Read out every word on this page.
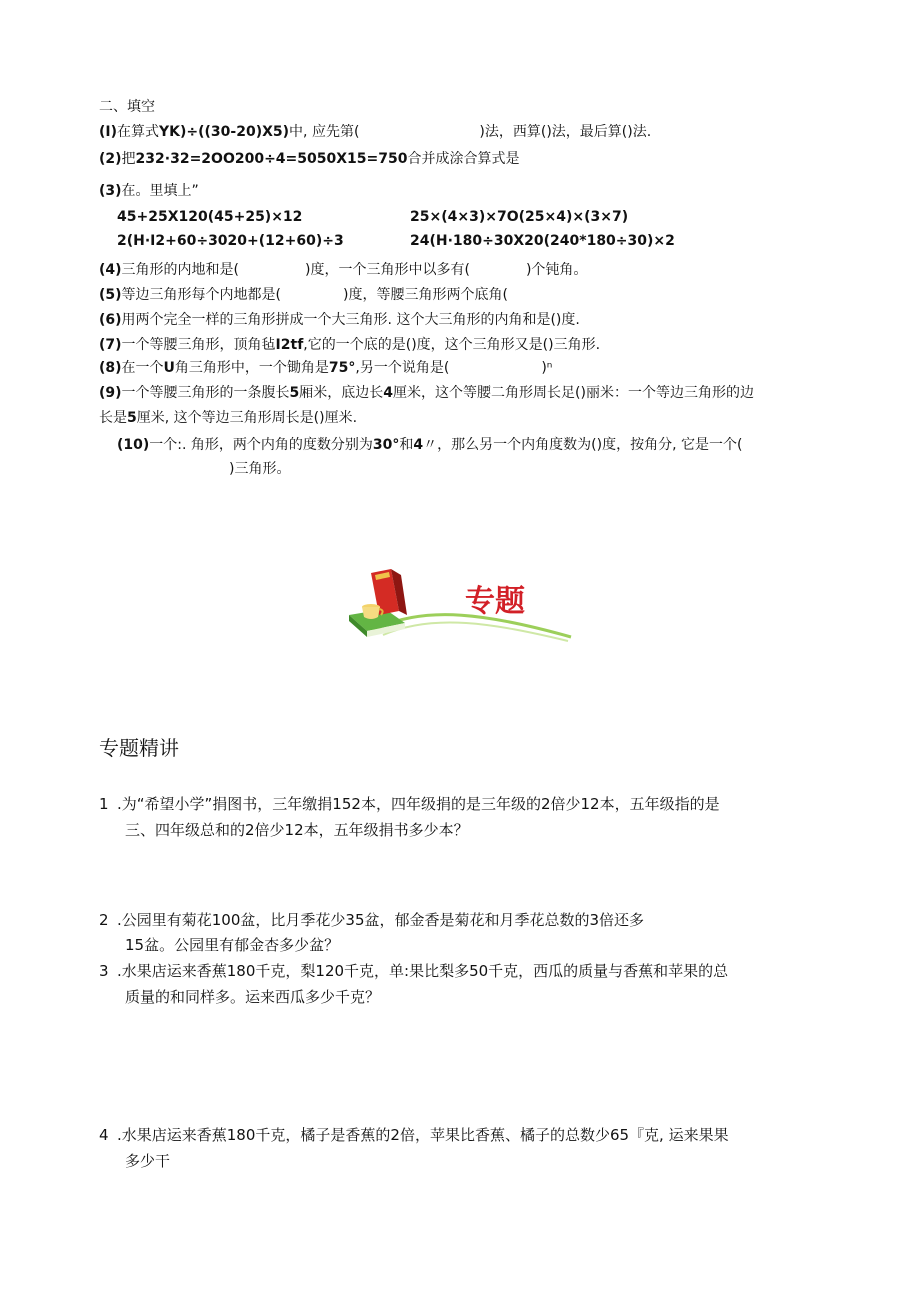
二、填空
(I)在算式YK)÷((30-20)X5)中, 应先第(	)法，西算()法，最后算()法.
(2)把232·32=2OO200÷4=5050X15=750合并成涂合算式是
(3)在。里填上”
45+25X120(45+25)×12	25×(4×3)×7O(25×4)×(3×7)
2(H·I2+60÷3020+(12+60)÷3	24(H·180÷30X20(240*180÷30)×2
(4)三角形的内地和是(	)度，一个三角形中以多有(	)个钝角。
(5)等边三角形每个内地都是(	)度，等腰三角形两个底角(
(6)用两个完全一样的三角形拼成一个大三角形. 这个大三角形的内角和是()度.
(7)一个等腰三角形，顶角毡I2tf,它的一个底的是()度，这个三角形又是()三角形.
(8)在一个U角三角形中，一个锄角是75°,另一个说角是(	)ⁿ
(9)一个等腰三角形的一条腹长5厢米，底边长4厘米，这个等腰二角形周长足()丽米：一个等边三角形的边
长是5厘米, 这个等边三角形周长是()厘米.
(10)一个:. 角形，两个内角的度数分别为30°和4〃，那么另一个内角度数为()度，按角分, 它是一个(
)三角形。
专题
专题精讲
1 .为“希望小学”捐图书，三年缴捐152本，四年级捐的是三年级的2倍少12本，五年级指的是
三、四年级总和的2倍少12本，五年级捐书多少本？
2 .公园里有菊花100盆，比月季花少35盆，郁金香是菊花和月季花总数的3倍还多
15盆。公园里有郁金杏多少盆？
3 .水果店运来香蕉180千克，梨120千克，单:果比梨多50千克，西瓜的质量与香蕉和苹果的总
质量的和同样多。运来西瓜多少千克？
4 .水果店运来香蕉180千克，橘子是香蕉的2倍，苹果比香蕉、橘子的总数少65『克, 运来果果
多少干
